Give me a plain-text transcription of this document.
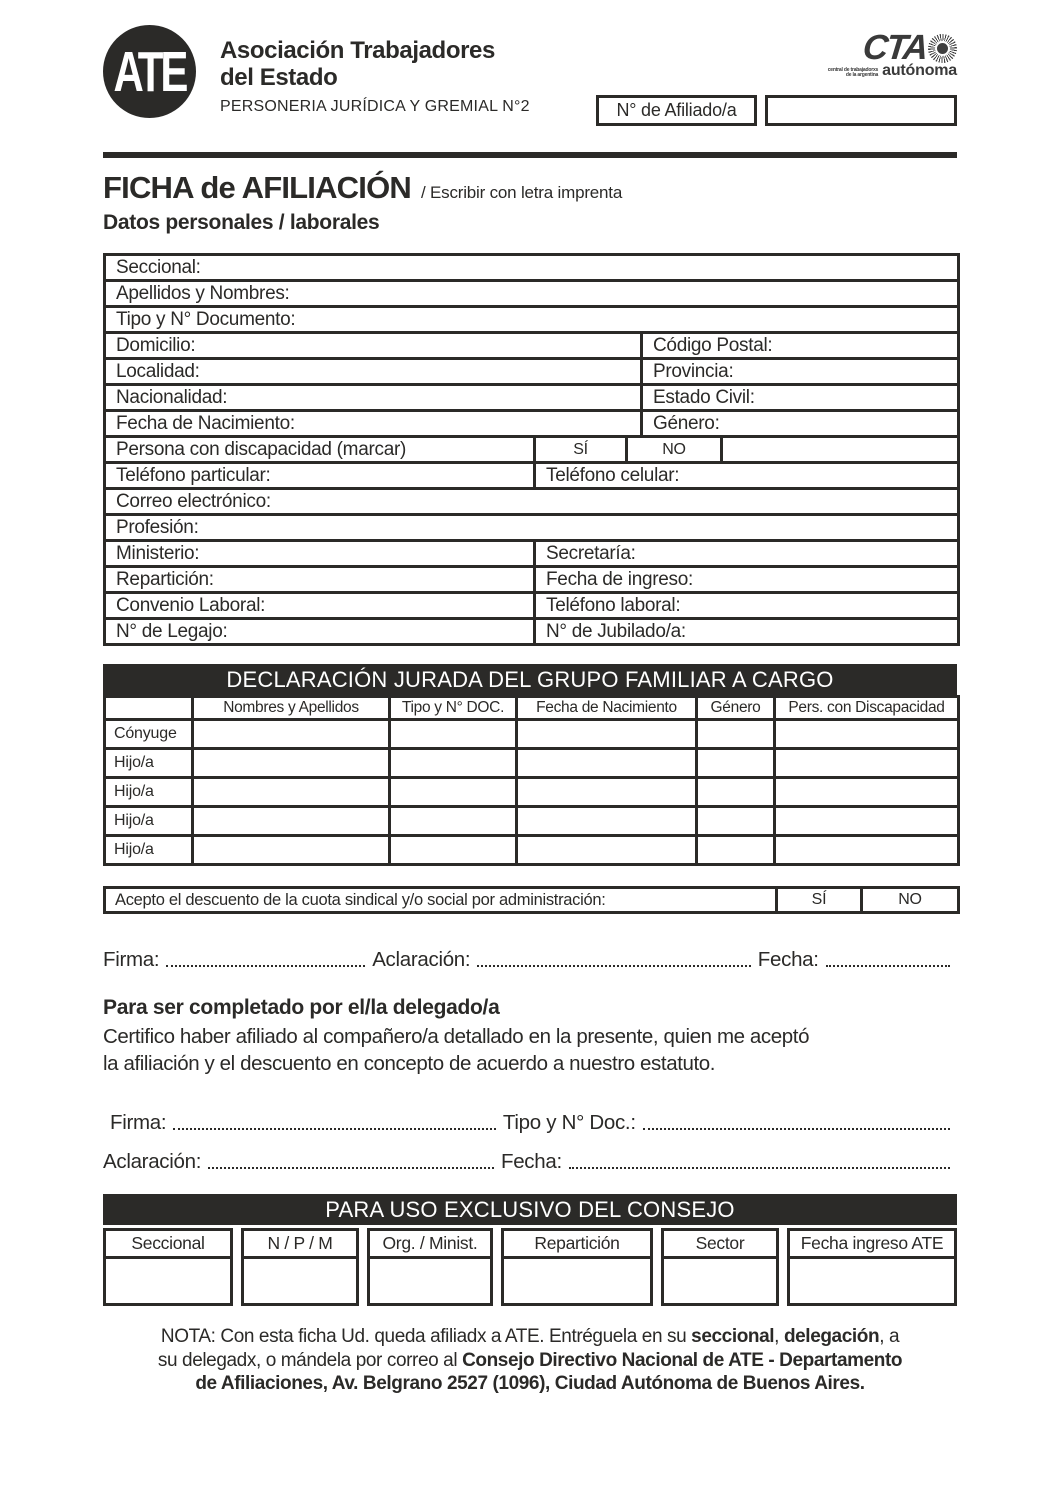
ATE Asociación Trabajadores
del Estado
PERSONERIA JURÍDICA Y GREMIAL N°2
CTA
central de trabajadorxs
de la argentina autónoma
N° de Afiliado/a
FICHA de AFILIACIÓN / Escribir con letra imprenta
Datos personales / laborales
Seccional:				
Apellidos y Nombres:				
Tipo y N° Documento:				
Domicilio:			Código Postal:	
Localidad:			Provincia:	
Nacionalidad:			Estado Civil:	
Fecha de Nacimiento:			Género:	
Persona con discapacidad (marcar)	SÍ	NO		
Teléfono particular:	Teléfono celular:			
Correo electrónico:				
Profesión:				
Ministerio:	Secretaría:			
Repartición:	Fecha de ingreso:			
Convenio Laboral:	Teléfono laboral:			
N° de Legajo:	N° de Jubilado/a:			
DECLARACIÓN JURADA DEL GRUPO FAMILIAR A CARGO
	Nombres y Apellidos	Tipo y N° DOC.	Fecha de Nacimiento	Género	Pers. con Discapacidad
Cónyuge					
Hijo/a					
Hijo/a					
Hijo/a					
Hijo/a					
Acepto el descuento de la cuota sindical y/o social por administración:	SÍ	NO
Firma:	Aclaración:	Fecha:
Para ser completado por el/la delegado/a
Certifico haber afiliado al compañero/a detallado en la presente, quien me aceptó
la afiliación y el descuento en concepto de acuerdo a nuestro estatuto.
Firma:	Tipo y N° Doc.:
Aclaración:	Fecha:
PARA USO EXCLUSIVO DEL CONSEJO
Seccional	N / P / M	Org. / Minist.	Repartición	Sector	Fecha ingreso ATE
NOTA: Con esta ficha Ud. queda afiliadx a ATE. Entréguela en su seccional, delegación, a
su delegadx, o mándela por correo al Consejo Directivo Nacional de ATE - Departamento
de Afiliaciones, Av. Belgrano 2527 (1096), Ciudad Autónoma de Buenos Aires.
